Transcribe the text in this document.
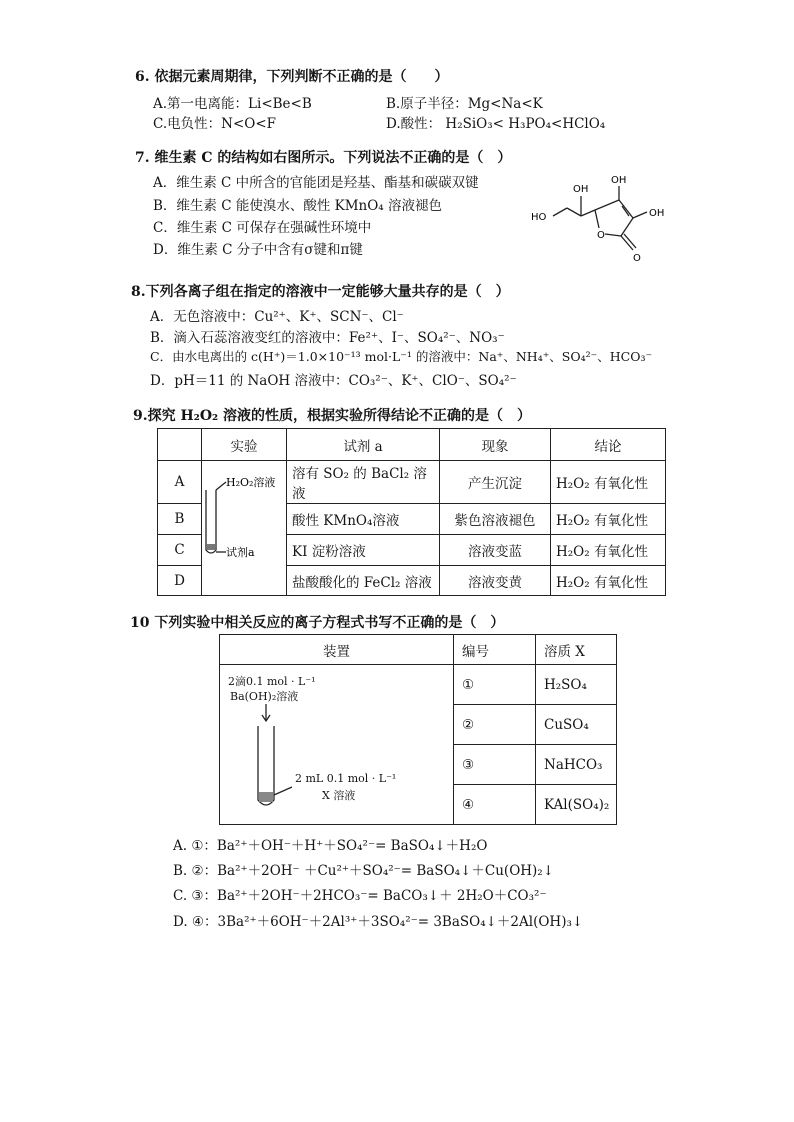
6. 依据元素周期律，下列判断不正确的是（　　）
A.第一电离能：Li<Be<B	B.原子半径：Mg<Na<K
C.电负性：N<O<F	D.酸性： H₂SiO₃< H₃PO₄<HClO₄
7. 维生素 C 的结构如右图所示。下列说法不正确的是（　）
A．维生素 C 中所含的官能团是羟基、酯基和碳碳双键
B．维生素 C 能使溴水、酸性 KMnO₄ 溶液褪色
C．维生素 C 可保存在强碱性环境中
D．维生素 C 分子中含有σ键和π键
HO
OH
OH
OH
O
O
8.下列各离子组在指定的溶液中一定能够大量共存的是（　）
A．无色溶液中：Cu²⁺、K⁺、SCN⁻、Cl⁻
B．滴入石蕊溶液变红的溶液中：Fe²⁺、I⁻、SO₄²⁻、NO₃⁻
C．由水电离出的 c(H⁺)＝1.0×10⁻¹³ mol·L⁻¹ 的溶液中：Na⁺、NH₄⁺、SO₄²⁻、HCO₃⁻
D．pH＝11 的 NaOH 溶液中：CO₃²⁻、K⁺、ClO⁻、SO₄²⁻
9.探究 H₂O₂ 溶液的性质，根据实验所得结论不正确的是（　）
	实验	试剂 a	现象	结论
A		溶有 SO₂ 的 BaCl₂ 溶液	产生沉淀	H₂O₂ 有氧化性
B		酸性 KMnO₄溶液	紫色溶液褪色	H₂O₂ 有氧化性
C		KI 淀粉溶液	溶液变蓝	H₂O₂ 有氧化性
D		盐酸酸化的 FeCl₂ 溶液	溶液变黄	H₂O₂ 有氧化性
H₂O₂溶液
试剂a
10 下列实验中相关反应的离子方程式书写不正确的是（　）
装置	编号	溶质 X
	①	H₂SO₄
	②	CuSO₄
	③	NaHCO₃
	④	KAl(SO₄)₂
2滴0.1 mol · L⁻¹
Ba(OH)₂溶液
2 mL 0.1 mol · L⁻¹
X 溶液
A. ①：Ba²⁺＋OH⁻＋H⁺＋SO₄²⁻= BaSO₄↓＋H₂O
B. ②：Ba²⁺＋2OH⁻ ＋Cu²⁺＋SO₄²⁻= BaSO₄↓＋Cu(OH)₂↓
C. ③：Ba²⁺＋2OH⁻＋2HCO₃⁻= BaCO₃↓＋ 2H₂O＋CO₃²⁻
D. ④：3Ba²⁺＋6OH⁻＋2Al³⁺＋3SO₄²⁻= 3BaSO₄↓＋2Al(OH)₃↓
